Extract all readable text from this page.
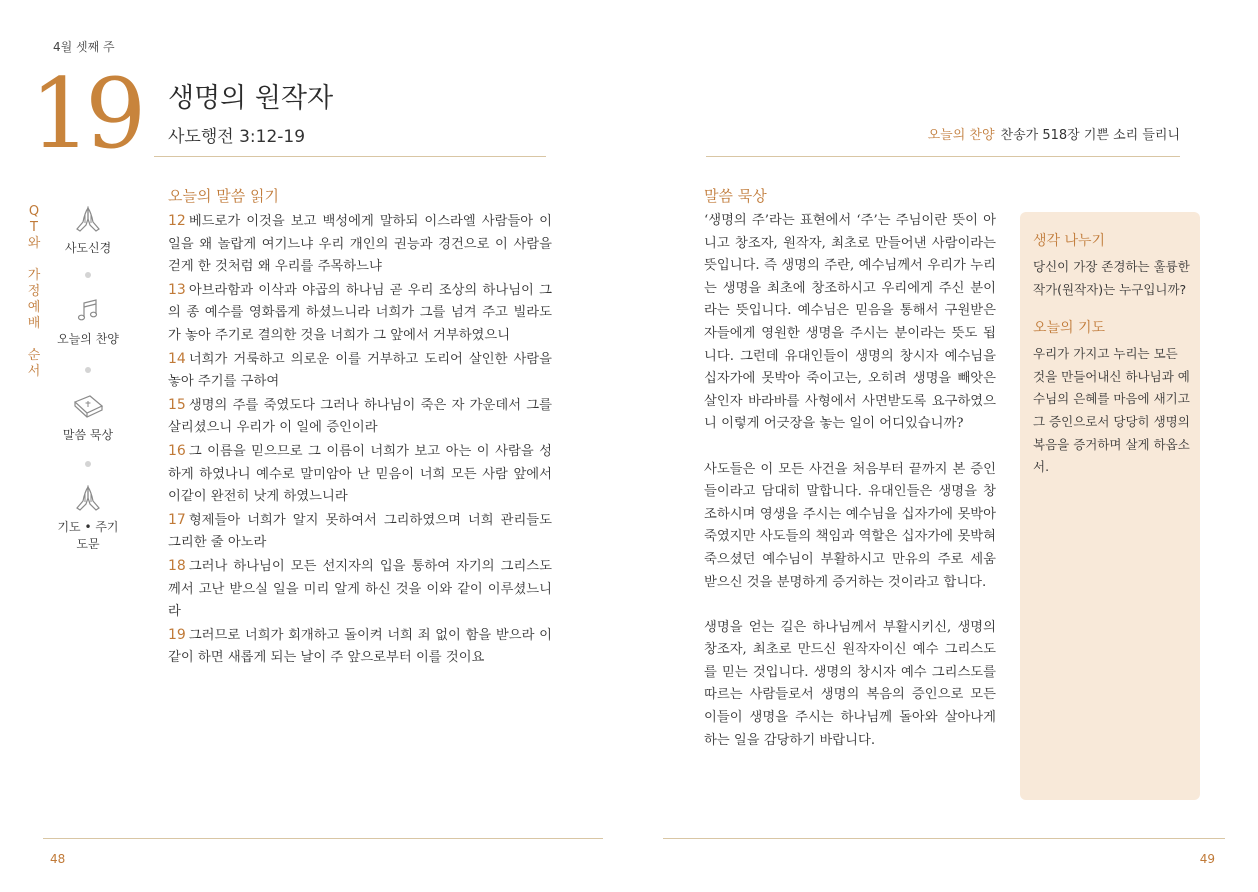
4월 셋째 주
19 생명의 원작자
사도행전 3:12-19	오늘의 찬양 찬송가 518장 기쁜 소리 들리니
Q
T
와
가
정
예
배
순
서
사도신경
오늘의 찬양
말씀 묵상
기도 • 주기도문
오늘의 말씀 읽기

12 베드로가 이것을 보고 백성에게 말하되 이스라엘 사람들아 이 일을 왜 놀랍게 여기느냐 우리 개인의 권능과 경건으로 이 사람을 걷게 한 것처럼 왜 우리를 주목하느냐

13 아브라함과 이삭과 야곱의 하나님 곧 우리 조상의 하나님이 그의 종 예수를 영화롭게 하셨느니라 너희가 그를 넘겨 주고 빌라도가 놓아 주기로 결의한 것을 너희가 그 앞에서 거부하였으니

14 너희가 거룩하고 의로운 이를 거부하고 도리어 살인한 사람을 놓아 주기를 구하여

15 생명의 주를 죽였도다 그러나 하나님이 죽은 자 가운데서 그를 살리셨으니 우리가 이 일에 증인이라

16 그 이름을 믿으므로 그 이름이 너희가 보고 아는 이 사람을 성하게 하였나니 예수로 말미암아 난 믿음이 너희 모든 사람 앞에서 이같이 완전히 낫게 하였느니라

17 형제들아 너희가 알지 못하여서 그리하였으며 너희 관리들도 그리한 줄 아노라

18 그러나 하나님이 모든 선지자의 입을 통하여 자기의 그리스도께서 고난 받으실 일을 미리 알게 하신 것을 이와 같이 이루셨느니라

19 그러므로 너희가 회개하고 돌이켜 너희 죄 없이 함을 받으라 이같이 하면 새롭게 되는 날이 주 앞으로부터 이를 것이요

말씀 묵상

‘생명의 주’라는 표현에서 ‘주’는 주님이란 뜻이 아니고 창조자, 원작자, 최초로 만들어낸 사람이라는 뜻입니다. 즉 생명의 주란, 예수님께서 우리가 누리는 생명을 최초에 창조하시고 우리에게 주신 분이라는 뜻입니다. 예수님은 믿음을 통해서 구원받은 자들에게 영원한 생명을 주시는 분이라는 뜻도 됩니다. 그런데 유대인들이 생명의 창시자 예수님을 십자가에 못박아 죽이고는, 오히려 생명을 빼앗은 살인자 바라바를 사형에서 사면받도록 요구하였으니 이렇게 어긋장을 놓는 일이 어디있습니까?

사도들은 이 모든 사건을 처음부터 끝까지 본 증인들이라고 담대히 말합니다. 유대인들은 생명을 창조하시며 영생을 주시는 예수님을 십자가에 못박아 죽였지만 사도들의 책임과 역할은 십자가에 못박혀 죽으셨던 예수님이 부활하시고 만유의 주로 세움 받으신 것을 분명하게 증거하는 것이라고 합니다.

생명을 얻는 길은 하나님께서 부활시키신, 생명의 창조자, 최초로 만드신 원작자이신 예수 그리스도를 믿는 것입니다. 생명의 창시자 예수 그리스도를 따르는 사람들로서 생명의 복음의 증인으로 모든 이들이 생명을 주시는 하나님께 돌아와 살아나게 하는 일을 감당하기 바랍니다.

생각 나누기

당신이 가장 존경하는 훌륭한 작가(원작자)는 누구입니까?

오늘의 기도

우리가 가지고 누리는 모든 것을 만들어내신 하나님과 예수님의 은혜를 마음에 새기고 그 증인으로서 당당히 생명의 복음을 증거하며 살게 하옵소서.

48	49
